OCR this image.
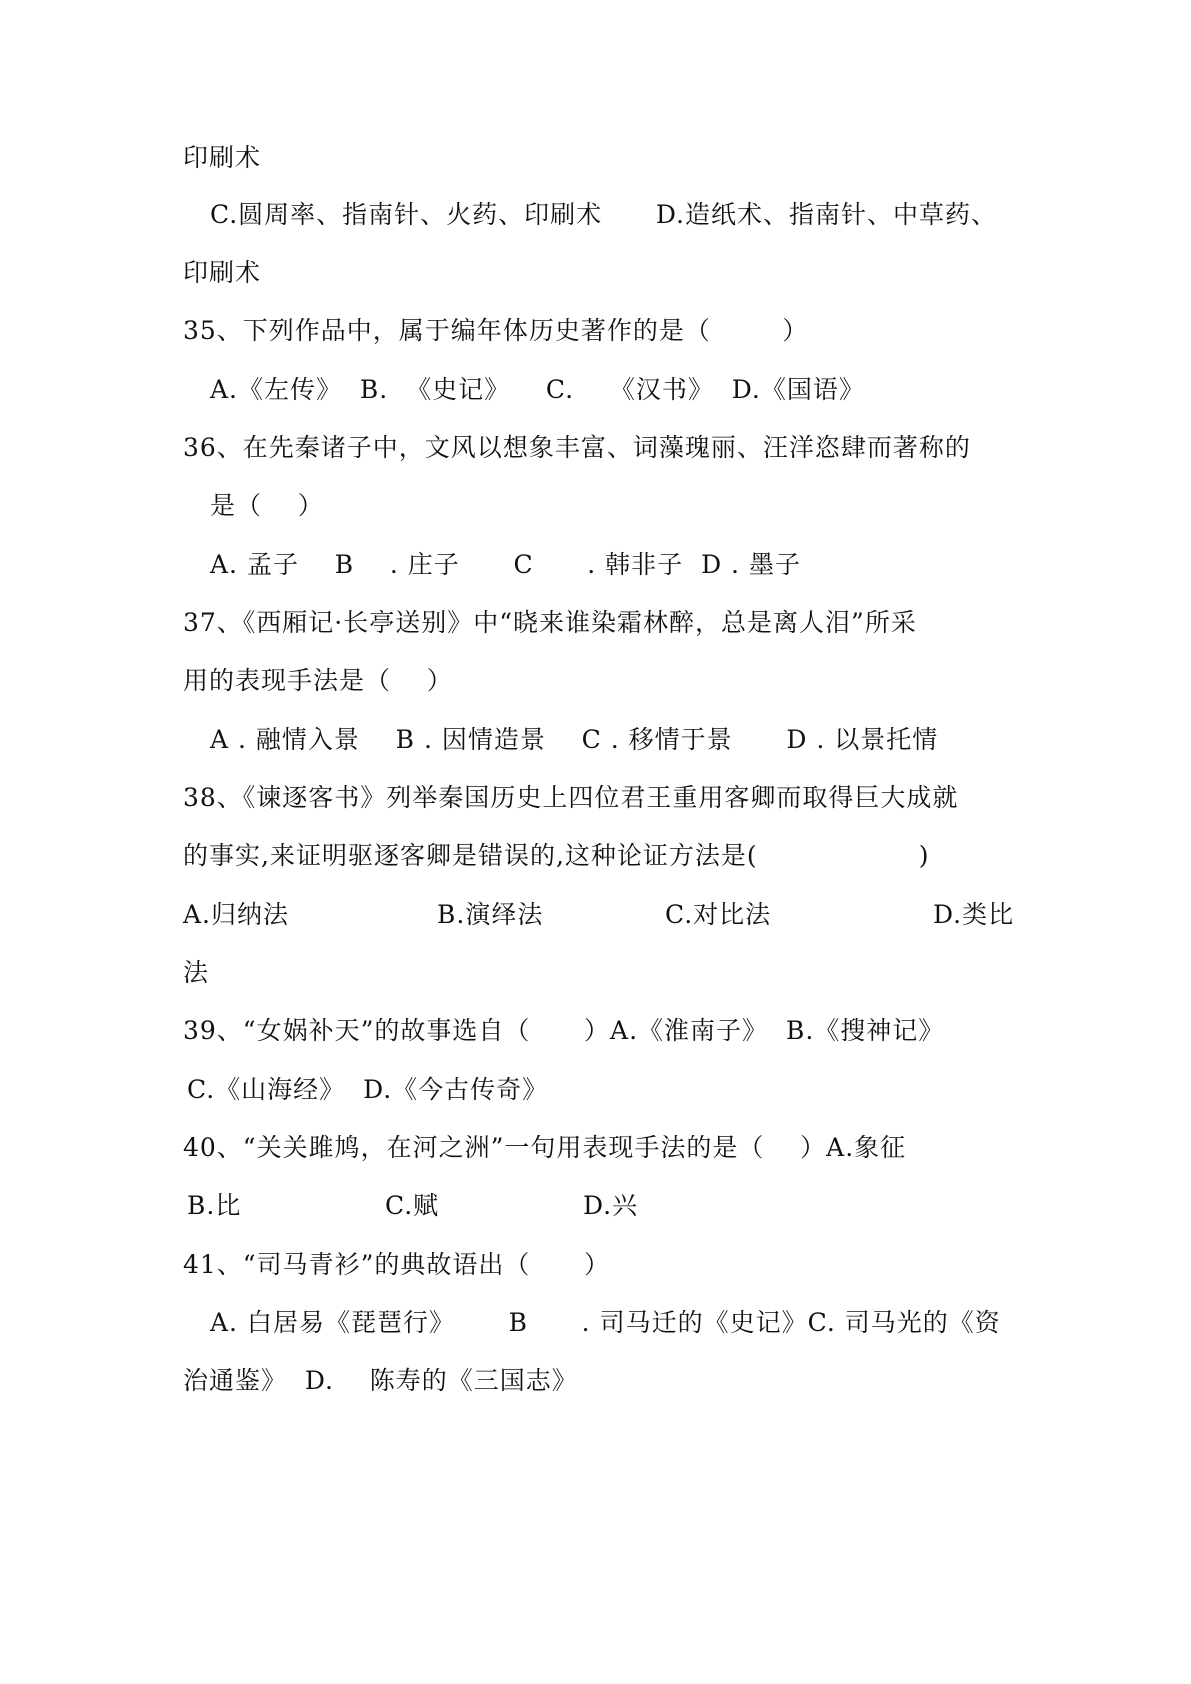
印刷术
C.圆周率、指南针、火药、印刷术      D.造纸术、指南针、中草药、
印刷术
35、下列作品中，属于编年体历史著作的是（        ）
A.《左传》  B.  《史记》    C.    《汉书》  D.《国语》
36、在先秦诸子中，文风以想象丰富、词藻瑰丽、汪洋恣肆而著称的
是（    ）
A. 孟子    B    . 庄子      C      . 韩非子  D . 墨子
37、《西厢记·长亭送别》中“晓来谁染霜林醉，总是离人泪”所采
用的表现手法是（    ）
A . 融情入景    B . 因情造景    C . 移情于景      D . 以景托情
38、《谏逐客书》列举秦国历史上四位君王重用客卿而取得巨大成就
的事实,来证明驱逐客卿是错误的,这种论证方法是(                  )

A.归纳法

	B.演绎法

	C.对比法

	D.类比

法
39、“女娲补天”的故事选自（      ）A.《淮南子》  B.《搜神记》
C.《山海经》  D.《今古传奇》
40、“关关雎鸠，在河之洲”一句用表现手法的是（    ）A.象征

B.比

	C.赋

	D.兴

41、“司马青衫”的典故语出（      ）
A. 白居易《琵琶行》      B      . 司马迁的《史记》C. 司马光的《资
治通鉴》  D.    陈寿的《三国志》
